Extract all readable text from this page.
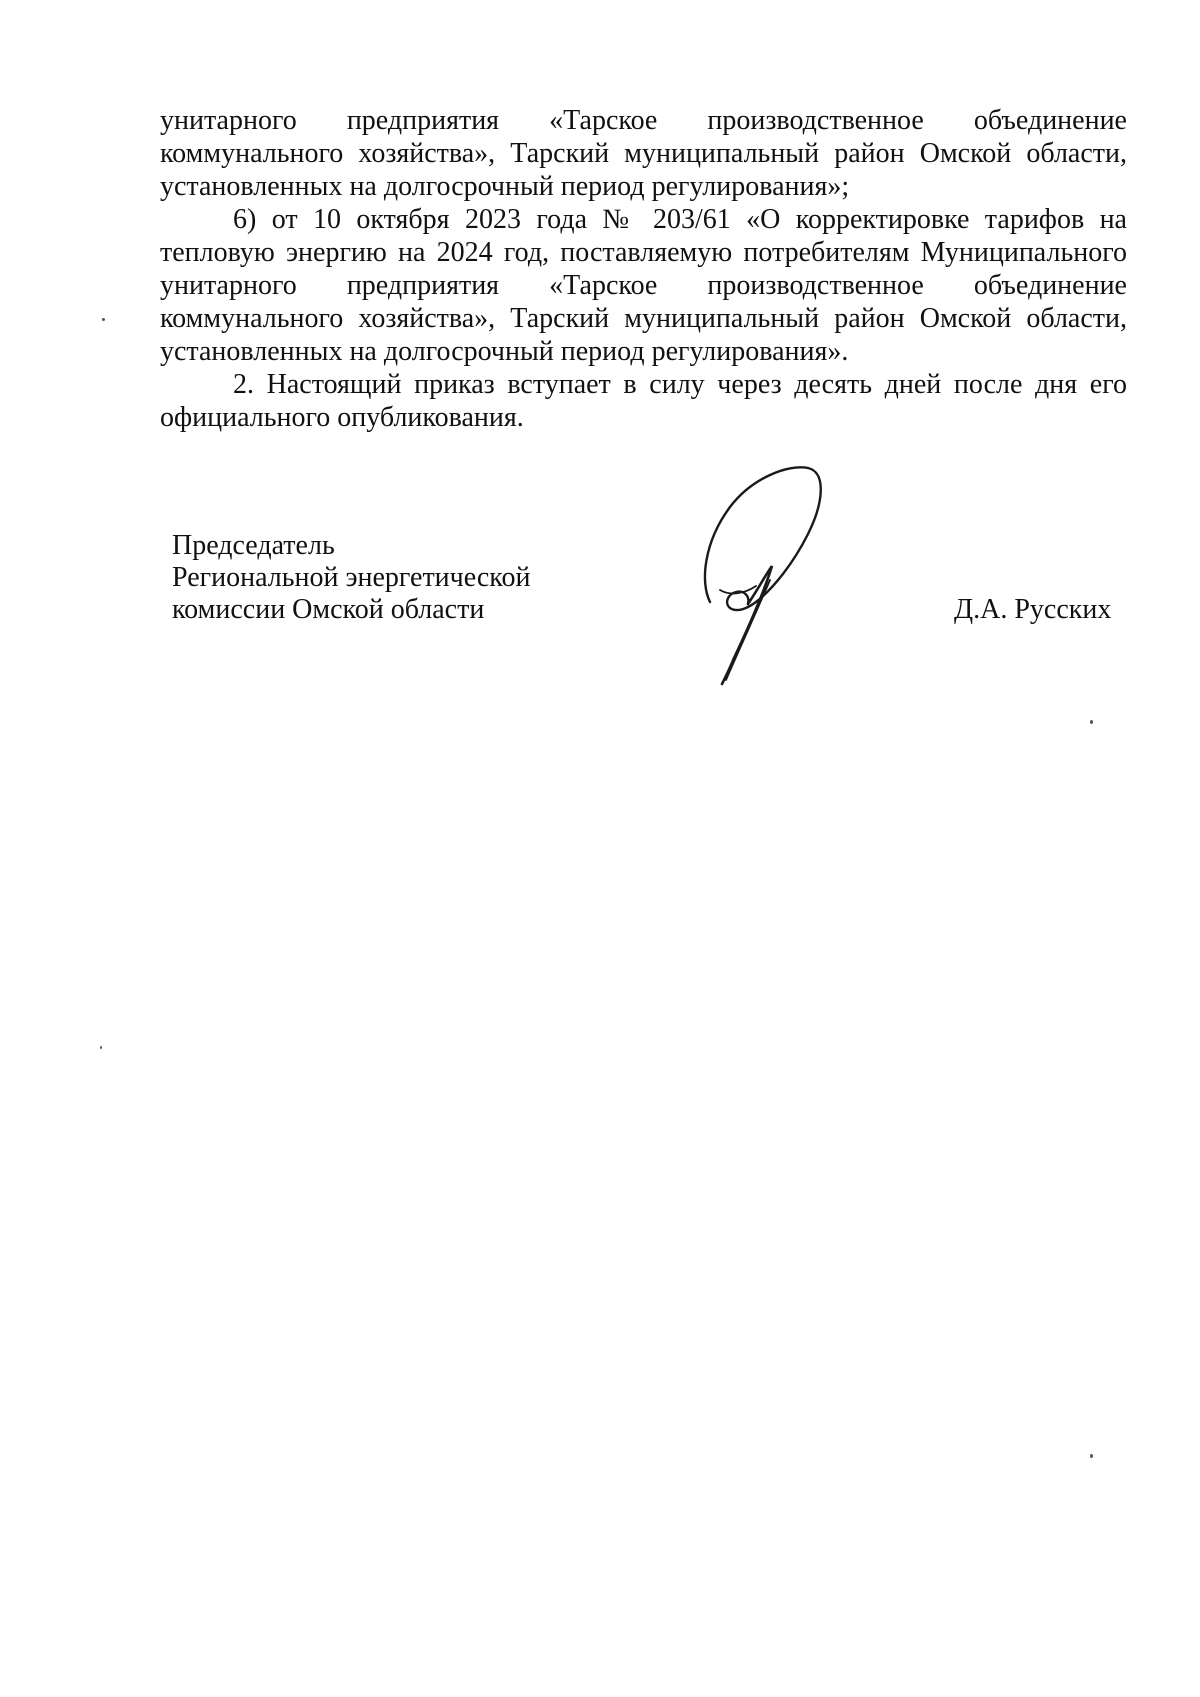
унитарного предприятия «Тарское производственное объединение коммунального хозяйства», Тарский муниципальный район Омской области, установленных на долгосрочный период регулирования»;

6) от 10 октября 2023 года № 203/61 «О корректировке тарифов на тепловую энергию на 2024 год, поставляемую потребителям Муниципального унитарного предприятия «Тарское производственное объединение коммунального хозяйства», Тарский муниципальный район Омской области, установленных на долгосрочный период регулирования».

2. Настоящий приказ вступает в силу через десять дней после дня его официального опубликования.

Председатель
Региональной энергетической
комиссии Омской области	Д.А. Русских
